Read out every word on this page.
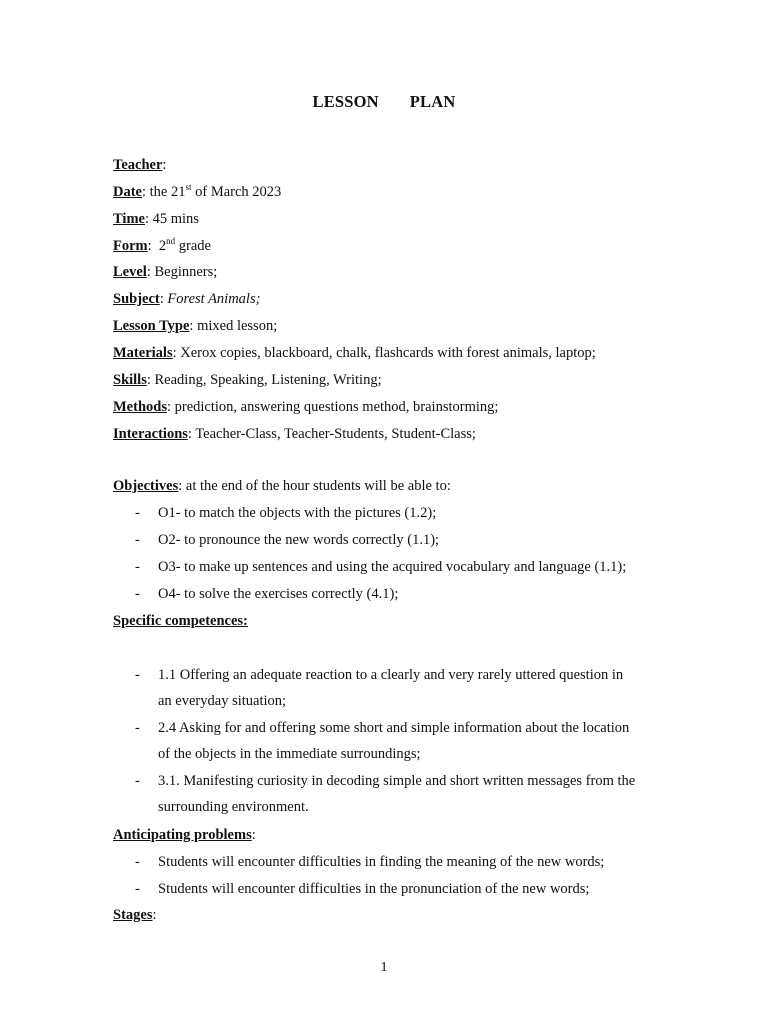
LESSON   PLAN
Teacher:
Date: the 21st of March 2023
Time: 45 mins
Form:  2nd grade
Level: Beginners;
Subject: Forest Animals;
Lesson Type: mixed lesson;
Materials: Xerox copies, blackboard, chalk, flashcards with forest animals, laptop;
Skills: Reading, Speaking, Listening, Writing;
Methods: prediction, answering questions method, brainstorming;
Interactions: Teacher-Class, Teacher-Students, Student-Class;
Objectives: at the end of the hour students will be able to:
- O1- to match the objects with the pictures (1.2);
- O2- to pronounce the new words correctly (1.1);
- O3- to make up sentences and using the acquired vocabulary and language (1.1);
- O4- to solve the exercises correctly (4.1);
Specific competences:
- 1.1 Offering an adequate reaction to a clearly and very rarely uttered question in
an everyday situation;
- 2.4 Asking for and offering some short and simple information about the location
of the objects in the immediate surroundings;
- 3.1. Manifesting curiosity in decoding simple and short written messages from the
surrounding environment.
Anticipating problems:
- Students will encounter difficulties in finding the meaning of the new words;
- Students will encounter difficulties in the pronunciation of the new words;
Stages:
1
